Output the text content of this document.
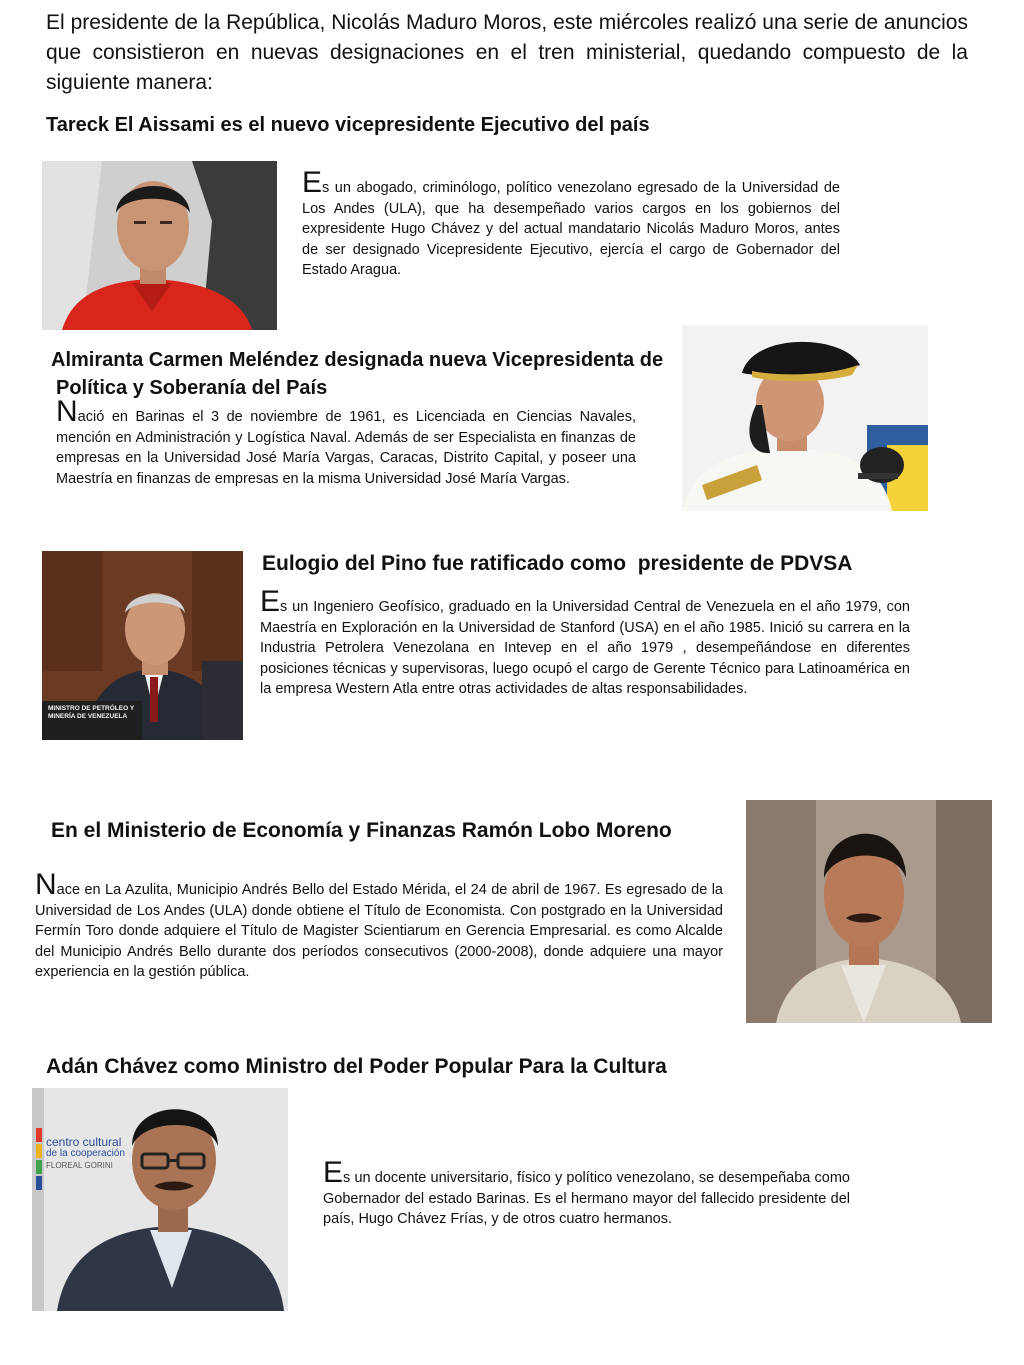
El presidente de la República, Nicolás Maduro Moros, este miércoles realizó una serie de anuncios que consistieron en nuevas designaciones en el tren ministerial, quedando compuesto de la siguiente manera:

Tareck El Aissami es el nuevo vicepresidente Ejecutivo del país

Es un abogado, criminólogo, político venezolano egresado de la Universidad de Los Andes (ULA), que ha desempeñado varios cargos en los gobiernos del expresidente Hugo Chávez y del actual mandatario Nicolás Maduro Moros, antes de ser designado Vicepresidente Ejecutivo, ejercía el cargo de Gobernador del Estado Aragua.

Almiranta Carmen Meléndez designada nueva Vicepresidenta de
Política y Soberanía del País

Nació en Barinas el 3 de noviembre de 1961, es Licenciada en Ciencias Navales, mención en Administración y Logística Naval. Además de ser Especialista en finanzas de empresas en la Universidad José María Vargas, Caracas, Distrito Capital, y poseer una Maestría en finanzas de empresas en la misma Universidad José María Vargas.

MINISTRO DE PETRÓLEO Y
MINERÍA DE VENEZUELA
Eulogio del Pino fue ratificado como  presidente de PDVSA

Es un Ingeniero Geofísico, graduado en la Universidad Central de Venezuela en el año 1979, con Maestría en Exploración en la Universidad de Stanford (USA) en el año 1985. Inició su carrera en la Industria Petrolera Venezolana en Intevep en el año 1979 , desempeñándose en diferentes posiciones técnicas y supervisoras, luego ocupó el cargo de Gerente Técnico para Latinoamérica en la empresa Western Atla entre otras actividades de altas responsabilidades.

En el Ministerio de Economía y Finanzas Ramón Lobo Moreno

Nace en La Azulita, Municipio Andrés Bello del Estado Mérida, el 24 de abril de 1967. Es egresado de la Universidad de Los Andes (ULA) donde obtiene el Título de Economista. Con postgrado en la Universidad Fermín Toro donde adquiere el Título de Magister Scientiarum en Gerencia Empresarial. es como Alcalde del Municipio Andrés Bello durante dos períodos consecutivos (2000-2008), donde adquiere una mayor experiencia en la gestión pública.

Adán Chávez como Ministro del Poder Popular Para la Cultura
centro cultural
de la cooperación
FLOREAL GORINI	Es un docente universitario, físico y político venezolano, se desempeñaba como Gobernador del estado Barinas. Es el hermano mayor del fallecido presidente del país, Hugo Chávez Frías, y de otros cuatro hermanos.
